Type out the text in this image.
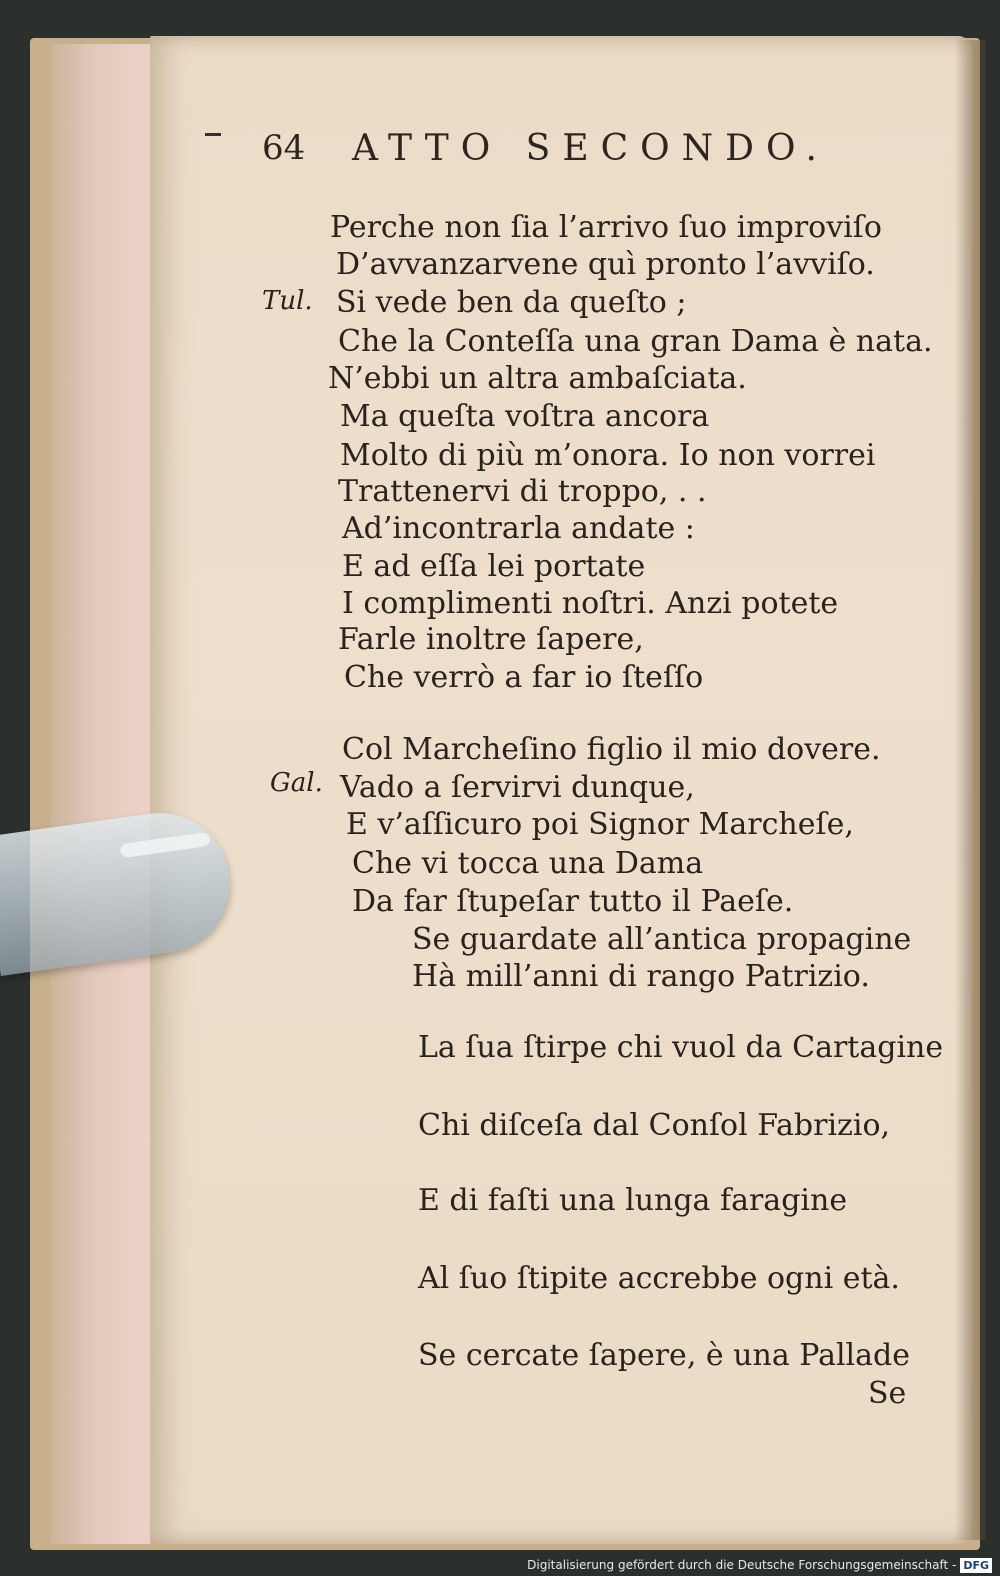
64 ATTO SECONDO.
Tul.
Gal.
Perche non ſia l’arrivo ſuo improviſo
D’avvanzarvene quì pronto l’avviſo.
Si vede ben da queſto ;
Che la Conteſſa una gran Dama è nata.
N’ebbi un altra ambaſciata.
Ma queſta voſtra ancora
Molto di più m’onora. Io non vorrei
Trattenervi di troppo, . .
Ad’incontrarla andate :
E ad eſſa lei portate
I complimenti noſtri. Anzi potete
Farle inoltre ſapere,
Che verrò a far io ſteſſo
Col Marcheſino figlio il mio dovere.
Vado a ſervirvi dunque,
E v’aſſicuro poi Signor Marcheſe,
Che vi tocca una Dama
Da far ſtupeſar tutto il Paeſe.
Se guardate all’antica propagine
Hà mill’anni di rango Patrizio.
La ſua ſtirpe chi vuol da Cartagine
Chi diſceſa dal Conſol Fabrizio,
E di faſti una lunga faragine
Al ſuo ſtipite accrebbe ogni età.
Se cercate ſapere, è una Pallade
Se
Digitalisierung gefördert durch die Deutsche Forschungsgemeinschaft - DFG
